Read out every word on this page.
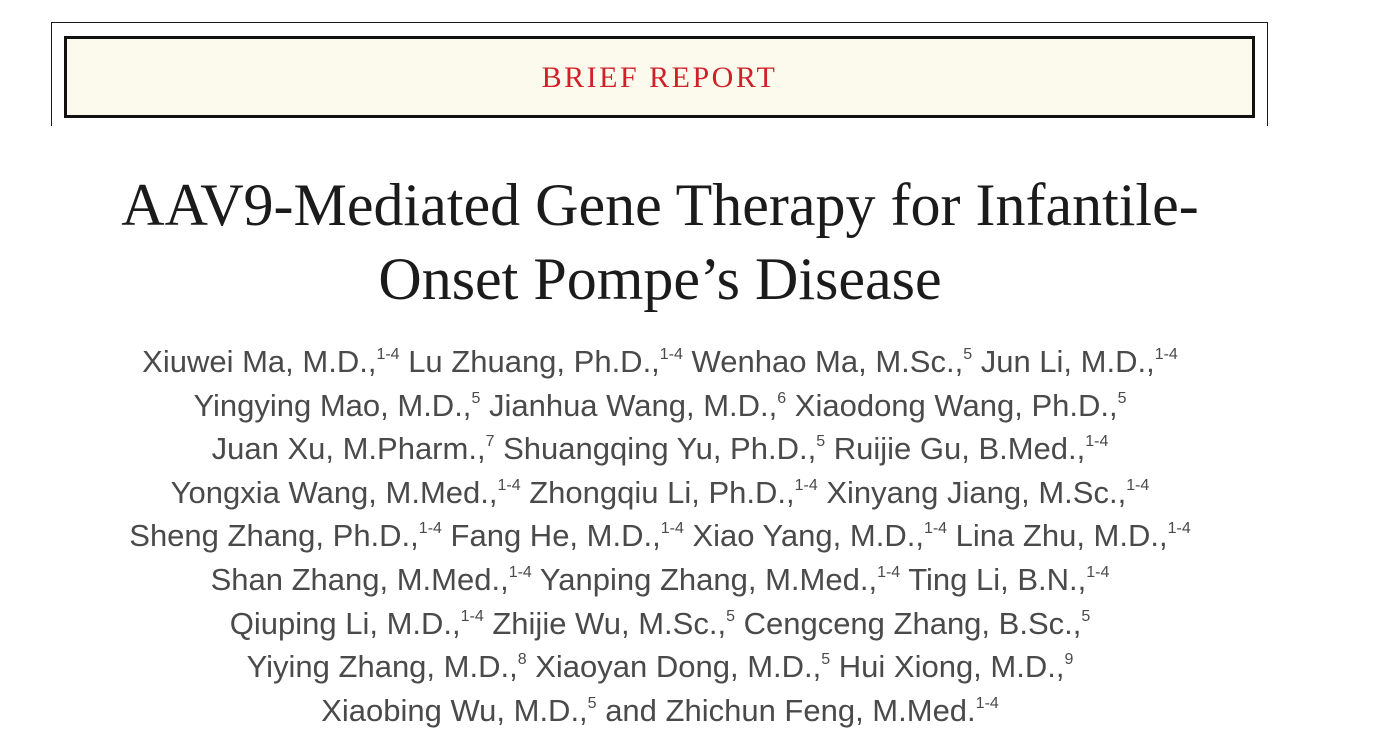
BRIEF REPORT
AAV9-Mediated Gene Therapy for Infantile-
Onset Pompe’s Disease
Xiuwei Ma, M.D.,$^{1-4}$ Lu Zhuang, Ph.D.,$^{1-4}$ Wenhao Ma, M.Sc.,$^5$ Jun Li, M.D.,$^{1-4}$
Yingying Mao, M.D.,$^5$ Jianhua Wang, M.D.,$^6$ Xiaodong Wang, Ph.D.,$^5$
Juan Xu, M.Pharm.,$^7$ Shuangqing Yu, Ph.D.,$^5$ Ruijie Gu, B.Med.,$^{1-4}$
Yongxia Wang, M.Med.,$^{1-4}$ Zhongqiu Li, Ph.D.,$^{1-4}$ Xinyang Jiang, M.Sc.,$^{1-4}$
Sheng Zhang, Ph.D.,$^{1-4}$ Fang He, M.D.,$^{1-4}$ Xiao Yang, M.D.,$^{1-4}$ Lina Zhu, M.D.,$^{1-4}$
Shan Zhang, M.Med.,$^{1-4}$ Yanping Zhang, M.Med.,$^{1-4}$ Ting Li, B.N.,$^{1-4}$
Qiuping Li, M.D.,$^{1-4}$ Zhijie Wu, M.Sc.,$^5$ Cengceng Zhang, B.Sc.,$^5$
Yiying Zhang, M.D.,$^8$ Xiaoyan Dong, M.D.,$^5$ Hui Xiong, M.D.,$^9$
Xiaobing Wu, M.D.,$^5$ and Zhichun Feng, M.Med.$^{1-4}$
